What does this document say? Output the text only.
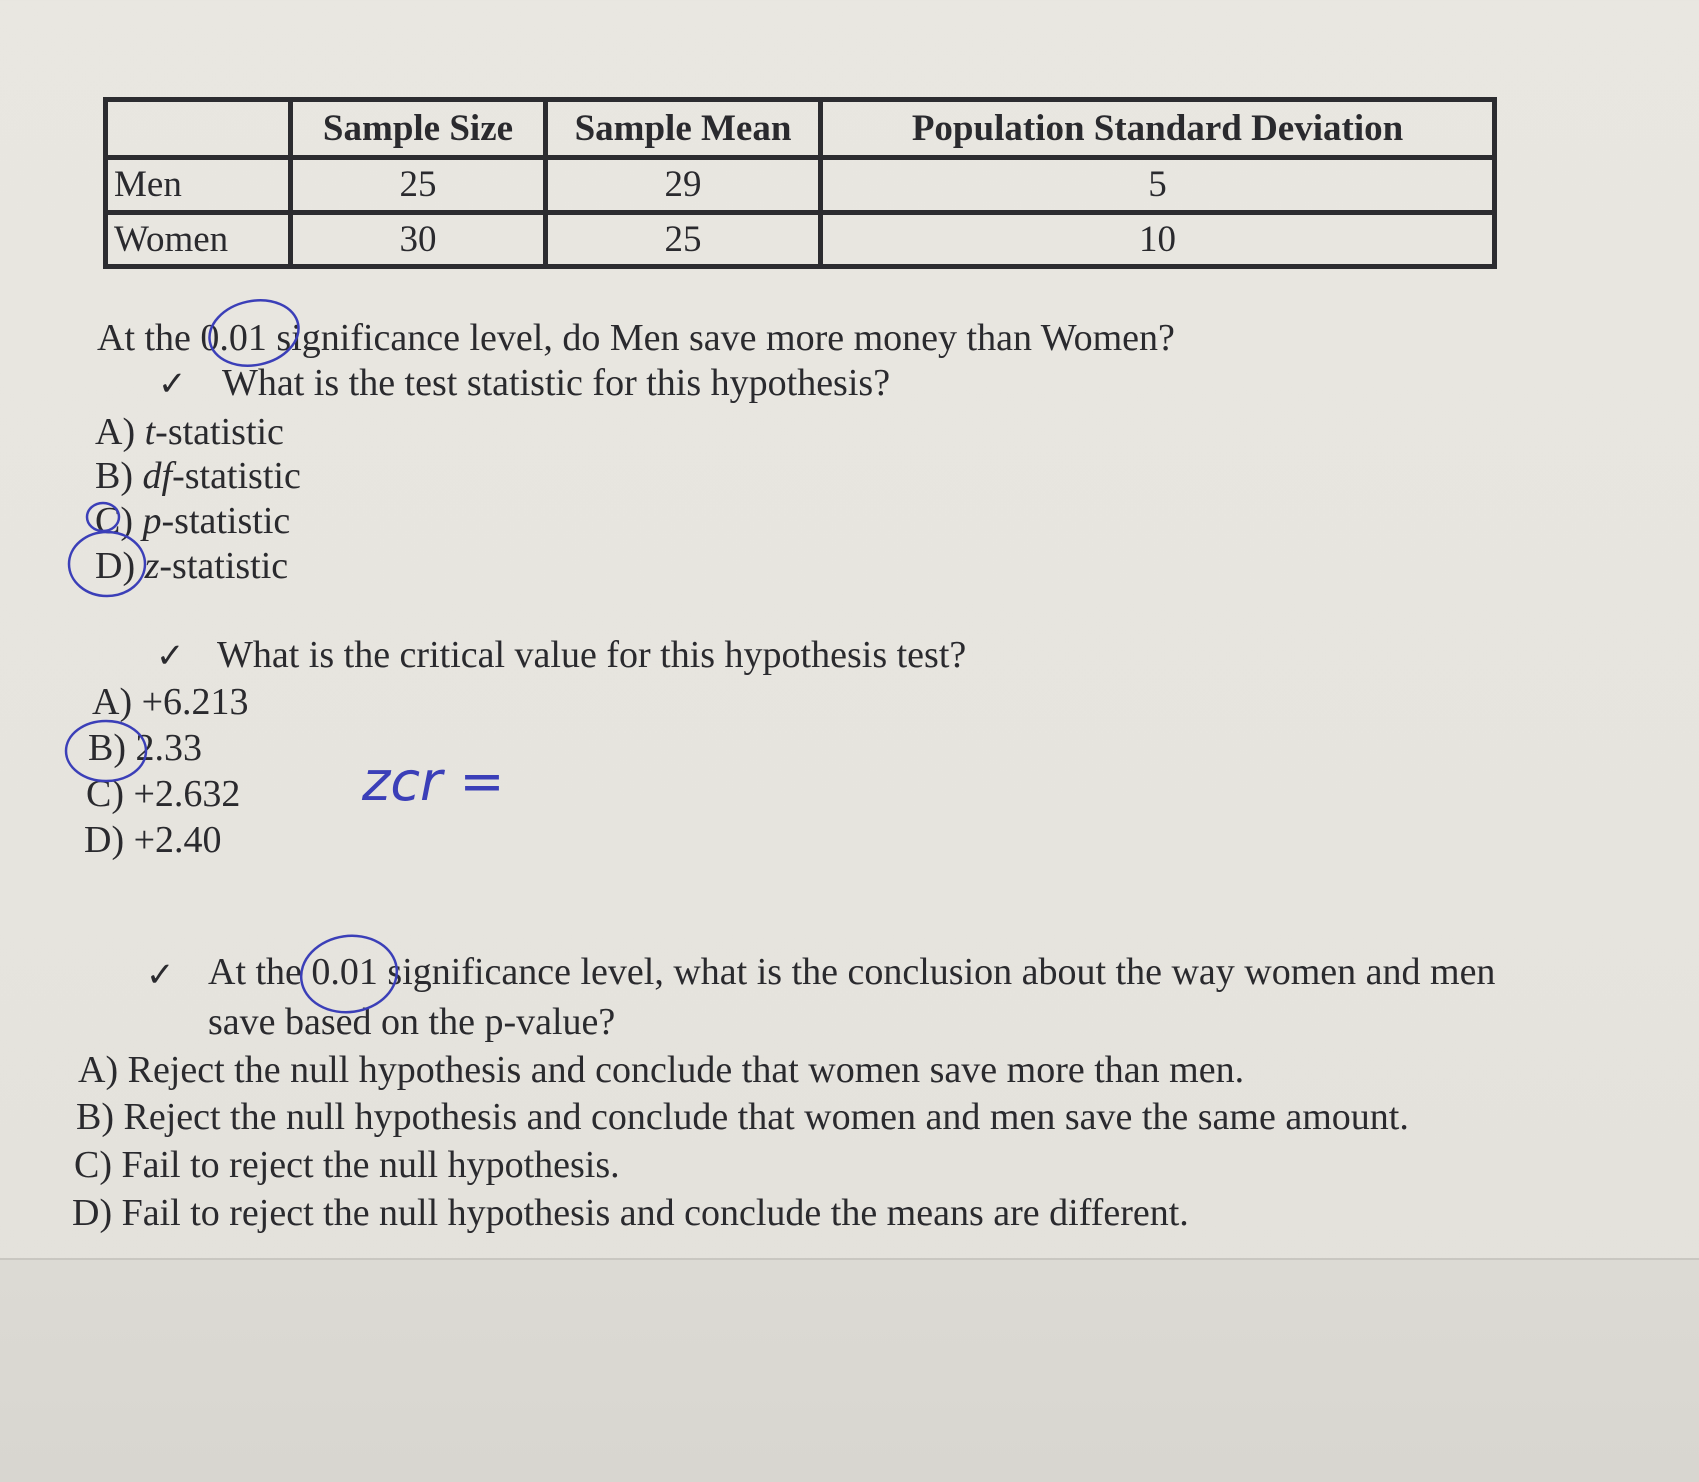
	Sample Size	Sample Mean	Population Standard Deviation
Men	25	29	5
Women	30	25	10
At the 0.01 significance level, do Men save more money than Women?
✓ What is the test statistic for this hypothesis?
A) t-statistic
B) df-statistic
C) p-statistic
D) z-statistic
✓ What is the critical value for this hypothesis test?
A) +6.213
B) 2.33
C) +2.632
D) +2.40
✓ At the 0.01 significance level, what is the conclusion about the way women and men
save based on the p-value?
A) Reject the null hypothesis and conclude that women save more than men.
B) Reject the null hypothesis and conclude that women and men save the same amount.
C) Fail to reject the null hypothesis.
D) Fail to reject the null hypothesis and conclude the means are different.
zcr =
